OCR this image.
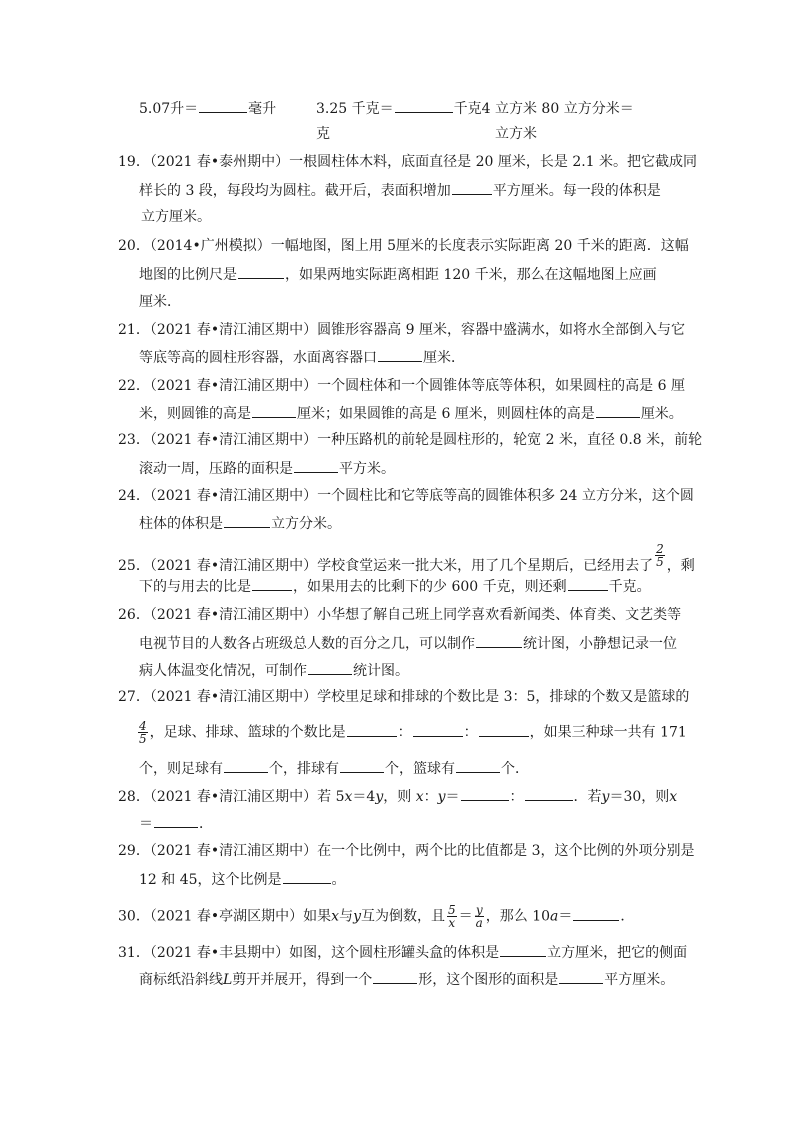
5.07升＝	毫升	3.25 千克＝	千克4 立方米 80 立方分米＝
克	立方米
19．（2021 春•泰州期中）一根圆柱体木料，底面直径是 20 厘米，长是 2.1 米。把它截成同
样长的 3 段，每段均为圆柱。截开后，表面积增加	平方厘米。每一段的体积是
立方厘米。
20．（2014•广州模拟）一幅地图，图上用 5厘米的长度表示实际距离 20 千米的距离．这幅
地图的比例尺是	，如果两地实际距离相距 120 千米，那么在这幅地图上应画
厘米．
21．（2021 春•清江浦区期中）圆锥形容器高 9 厘米，容器中盛满水，如将水全部倒入与它
等底等高的圆柱形容器，水面离容器口	厘米．
22．（2021 春•清江浦区期中）一个圆柱体和一个圆锥体等底等体积，如果圆柱的高是 6 厘
米，则圆锥的高是	厘米；如果圆锥的高是 6 厘米，则圆柱体的高是	厘米。
23．（2021 春•清江浦区期中）一种压路机的前轮是圆柱形的，轮宽 2 米，直径 0.8 米，前轮
滚动一周，压路的面积是	平方米。
24．（2021 春•清江浦区期中）一个圆柱比和它等底等高的圆锥体积多 24 立方分米，这个圆
柱体的体积是	立方分米。
25．（2021 春•清江浦区期中）学校食堂运来一批大米，用了几个星期后，已经用去了 $\frac{2}{5}$ ，剩
下的与用去的比是	，如果用去的比剩下的少 600 千克，则还剩	千克。
26．（2021 春•清江浦区期中）小华想了解自己班上同学喜欢看新闻类、体育类、文艺类等
电视节目的人数各占班级总人数的百分之几，可以制作	统计图，小静想记录一位
病人体温变化情况，可制作	统计图。
27．（2021 春•清江浦区期中）学校里足球和排球的个数比是 3：5，排球的个数又是篮球的
$\frac{4}{5}$ ，足球、排球、篮球的个数比是	：	：	，如果三种球一共有 171
个，则足球有	个，排球有	个，篮球有	个．
28．（2021 春•清江浦区期中）若 5x＝4y，则 x：y＝	：	．若y＝30，则x
＝	．
29．（2021 春•清江浦区期中）在一个比例中，两个比的比值都是 3，这个比例的外项分别是
12 和 45，这个比例是	。
30．（2021 春•亭湖区期中）如果x与y互为倒数，且 $\frac{5}{x} = \frac{y}{a}$ ，那么 10a＝	．
31．（2021 春•丰县期中）如图，这个圆柱形罐头盒的体积是	立方厘米，把它的侧面
商标纸沿斜线L剪开并展开，得到一个	形，这个图形的面积是	平方厘米。
